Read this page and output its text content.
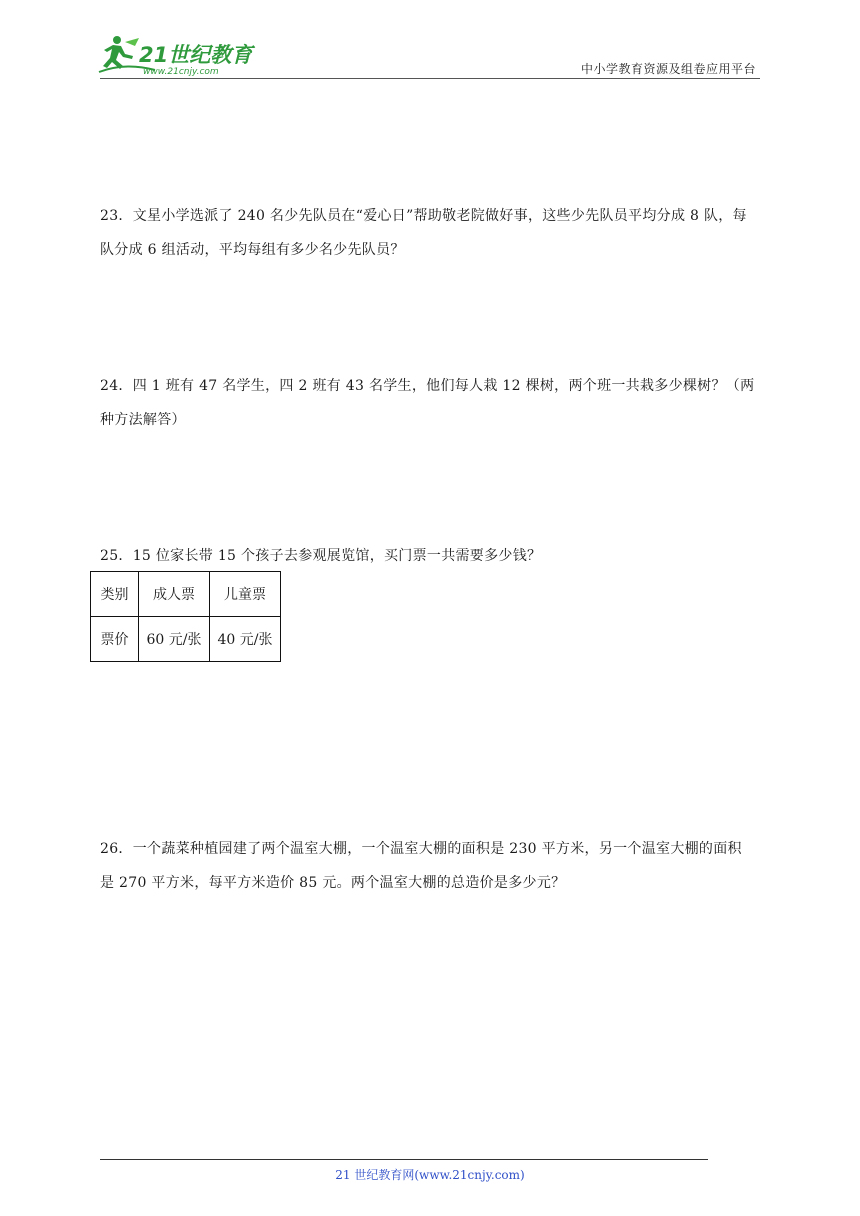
21世纪教育
www.21cnjy.com	中小学教育资源及组卷应用平台
23．文星小学选派了 240 名少先队员在“爱心日”帮助敬老院做好事，这些少先队员平均分成 8 队，每
队分成 6 组活动，平均每组有多少名少先队员？
24．四 1 班有 47 名学生，四 2 班有 43 名学生，他们每人栽 12 棵树，两个班一共栽多少棵树？（两
种方法解答）
25．15 位家长带 15 个孩子去参观展览馆，买门票一共需要多少钱？
类别	成人票	儿童票
票价	60 元/张	40 元/张
26．一个蔬菜种植园建了两个温室大棚，一个温室大棚的面积是 230 平方米，另一个温室大棚的面积
是 270 平方米，每平方米造价 85 元。两个温室大棚的总造价是多少元？
21 世纪教育网(www.21cnjy.com)
